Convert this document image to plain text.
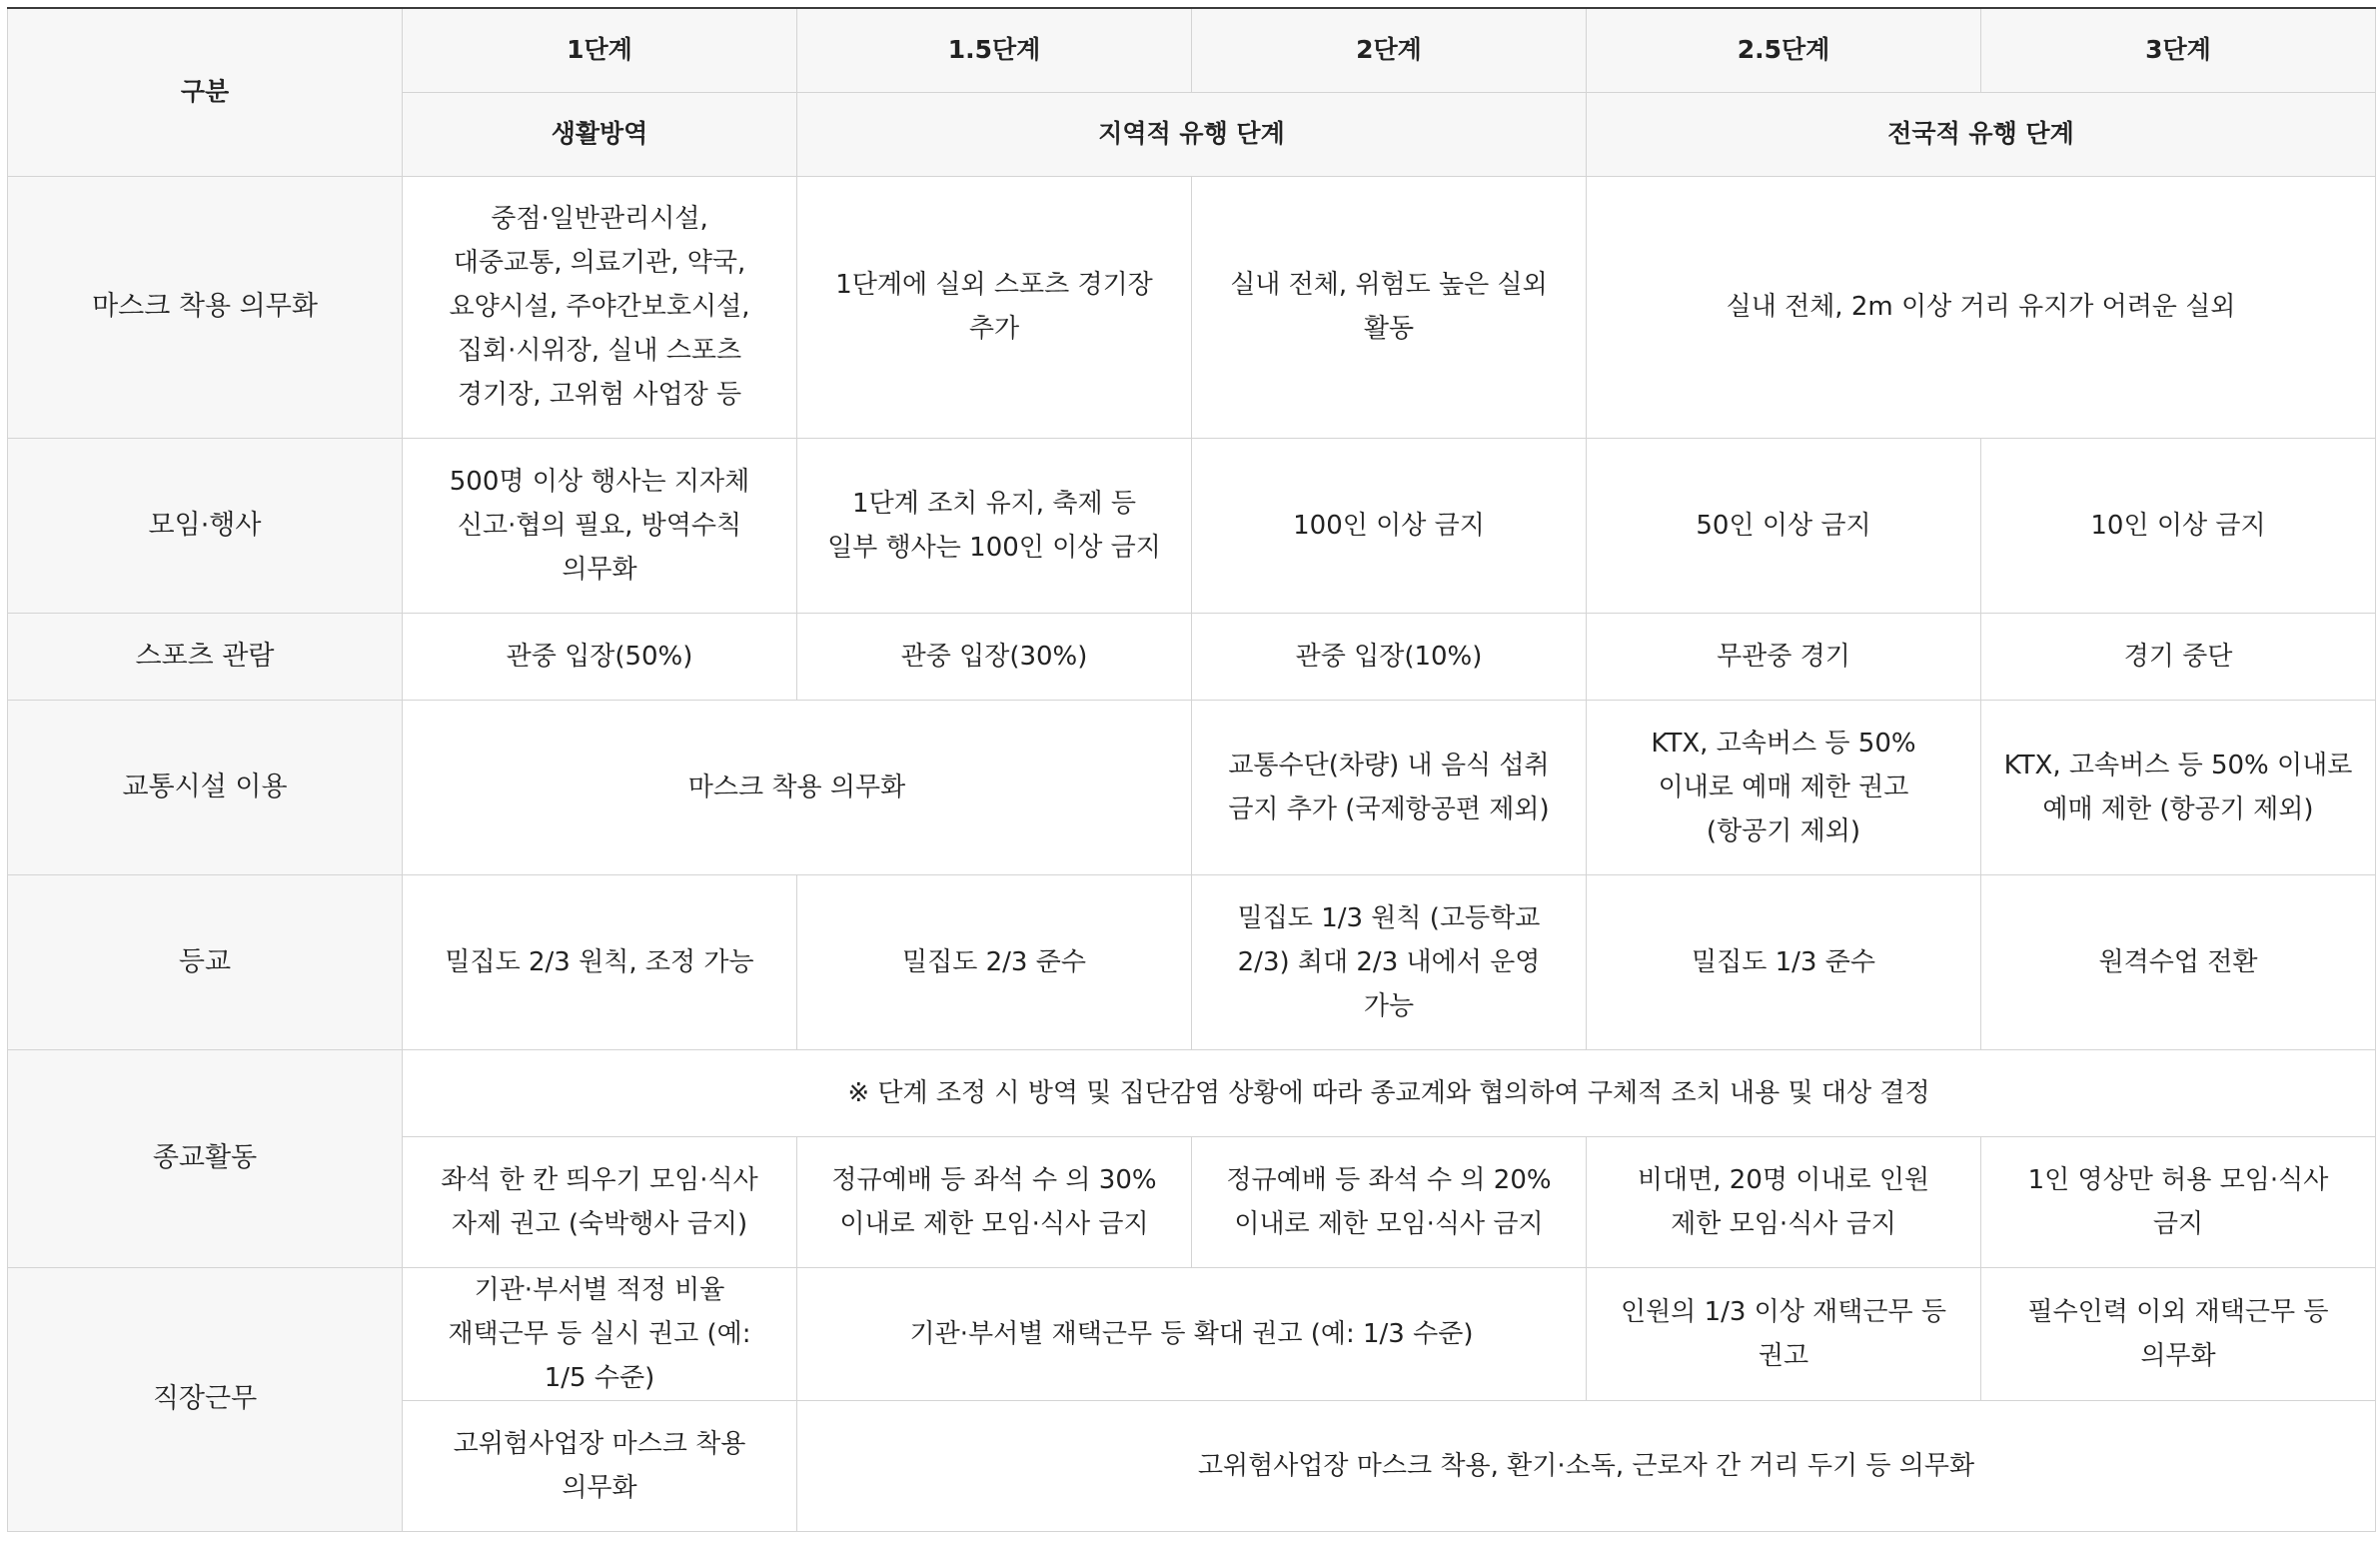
구분	1단계	1.5단계	2단계	2.5단계	3단계
	생활방역	지역적 유행 단계		전국적 유행 단계	
마스크 착용 의무화	중점·일반관리시설, 대중교통, 의료기관, 약국, 요양시설, 주야간보호시설, 집회·시위장, 실내 스포츠 경기장, 고위험 사업장 등	1단계에 실외 스포츠 경기장 추가	실내 전체, 위험도 높은 실외 활동	실내 전체, 2m 이상 거리 유지가 어려운 실외	
모임·행사	500명 이상 행사는 지자체 신고·협의 필요, 방역수칙 의무화	1단계 조치 유지, 축제 등 일부 행사는 100인 이상 금지	100인 이상 금지	50인 이상 금지	10인 이상 금지
스포츠 관람	관중 입장(50%)	관중 입장(30%)	관중 입장(10%)	무관중 경기	경기 중단
교통시설 이용	마스크 착용 의무화		교통수단(차량) 내 음식 섭취 금지 추가 (국제항공편 제외)	KTX, 고속버스 등 50% 이내로 예매 제한 권고 (항공기 제외)	KTX, 고속버스 등 50% 이내로 예매 제한 (항공기 제외)
등교	밀집도 2/3 원칙, 조정 가능	밀집도 2/3 준수	밀집도 1/3 원칙 (고등학교 2/3) 최대 2/3 내에서 운영 가능	밀집도 1/3 준수	원격수업 전환
종교활동	※ 단계 조정 시 방역 및 집단감염 상황에 따라 종교계와 협의하여 구체적 조치 내용 및 대상 결정				
	좌석 한 칸 띄우기 모임·식사 자제 권고 (숙박행사 금지)	정규예배 등 좌석 수 의 30% 이내로 제한 모임·식사 금지	정규예배 등 좌석 수 의 20% 이내로 제한 모임·식사 금지	비대면, 20명 이내로 인원 제한 모임·식사 금지	1인 영상만 허용 모임·식사 금지
직장근무	기관·부서별 적정 비율 재택근무 등 실시 권고 (예: 1/5 수준)	기관·부서별 재택근무 등 확대 권고 (예: 1/3 수준)		인원의 1/3 이상 재택근무 등 권고	필수인력 이외 재택근무 등 의무화
	고위험사업장 마스크 착용 의무화	고위험사업장 마스크 착용, 환기·소독, 근로자 간 거리 두기 등 의무화			
